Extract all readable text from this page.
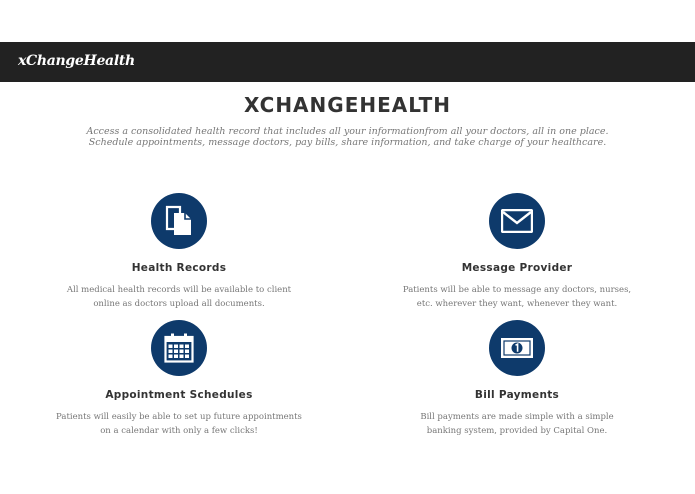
xChangeHealth
XCHANGEHEALTH
Access a consolidated health record that includes all your informationfrom all your doctors, all in one place.
Schedule appointments, message doctors, pay bills, share information, and take charge of your healthcare.
Health Records
All medical health records will be available to client
online as doctors upload all documents.
Message Provider
Patients will be able to message any doctors, nurses,
etc. wherever they want, whenever they want.
Appointment Schedules
Patients will easily be able to set up future appointments
on a calendar with only a few clicks!
Bill Payments
Bill payments are made simple with a simple
banking system, provided by Capital One.
